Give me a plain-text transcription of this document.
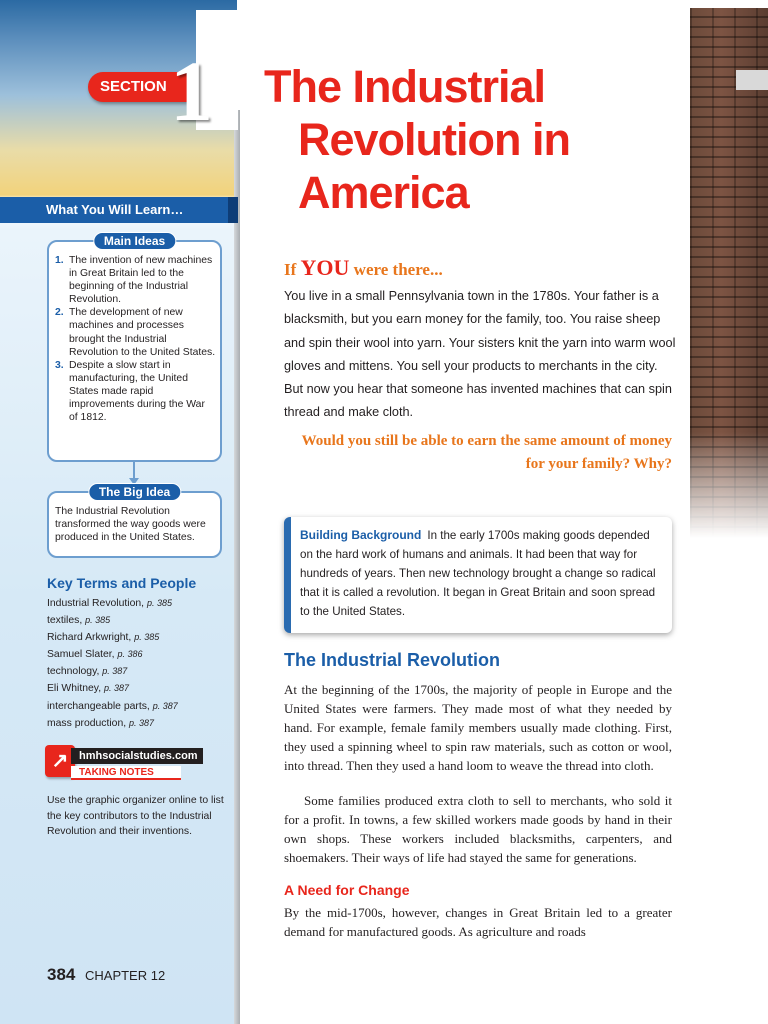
SECTION 1
What You Will Learn…
Main Ideas
1. The invention of new machines in Great Britain led to the beginning of the Industrial Revolution.
2. The development of new machines and processes brought the Industrial Revolution to the United States.
3. Despite a slow start in manufacturing, the United States made rapid improvements during the War of 1812.
The Big Idea
The Industrial Revolution transformed the way goods were produced in the United States.
Key Terms and People
Industrial Revolution, p. 385
textiles, p. 385
Richard Arkwright, p. 385
Samuel Slater, p. 386
technology, p. 387
Eli Whitney, p. 387
interchangeable parts, p. 387
mass production, p. 387
↗ hmhsocialstudies.com
TAKING NOTES
Use the graphic organizer online to list the key contributors to the Industrial Revolution and their inventions.
384 CHAPTER 12
The Industrial
Revolution in
America
If YOU were there...
You live in a small Pennsylvania town in the 1780s. Your father is a blacksmith, but you earn money for the family, too. You raise sheep and spin their wool into yarn. Your sisters knit the yarn into warm wool gloves and mittens. You sell your products to merchants in the city. But now you hear that someone has invented machines that can spin thread and make cloth.
Would you still be able to earn the same amount of money for your family? Why?
Building Background In the early 1700s making goods depended on the hard work of humans and animals. It had been that way for hundreds of years. Then new technology brought a change so radical that it is called a revolution. It began in Great Britain and soon spread to the United States.
The Industrial Revolution
At the beginning of the 1700s, the majority of people in Europe and the United States were farmers. They made most of what they needed by hand. For example, female family members usually made clothing. First, they used a spinning wheel to spin raw materials, such as cotton or wool, into thread. Then they used a hand loom to weave the thread into cloth.
Some families produced extra cloth to sell to merchants, who sold it for a profit. In towns, a few skilled workers made goods by hand in their own shops. These workers included blacksmiths, carpenters, and shoemakers. Their ways of life had stayed the same for generations.
A Need for Change
By the mid-1700s, however, changes in Great Britain led to a greater demand for manufactured goods. As agriculture and roads
